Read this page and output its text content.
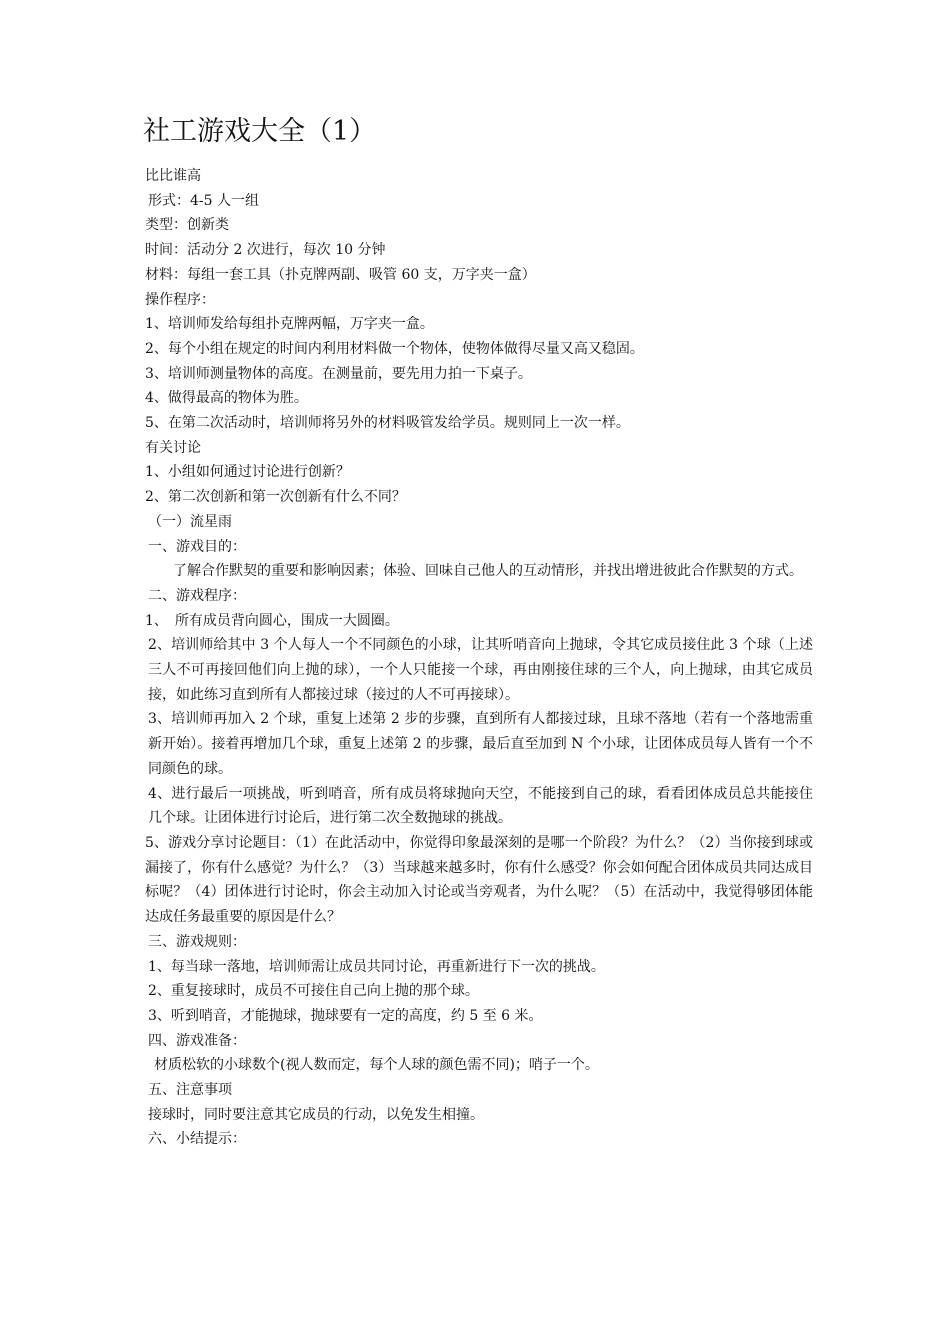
社工游戏大全（1）

比比谁高

形式：4-5 人一组

类型：创新类

时间：活动分 2 次进行，每次 10 分钟

材料：每组一套工具（扑克牌两副、吸管 60 支，万字夹一盒）

操作程序：

1、培训师发给每组扑克牌两幅，万字夹一盒。

2、每个小组在规定的时间内利用材料做一个物体，使物体做得尽量又高又稳固。

3、培训师测量物体的高度。在测量前，要先用力拍一下桌子。

4、做得最高的物体为胜。

5、在第二次活动时，培训师将另外的材料吸管发给学员。规则同上一次一样。

有关讨论

1、小组如何通过讨论进行创新？

2、第二次创新和第一次创新有什么不同？

（一）流星雨

一、游戏目的：

了解合作默契的重要和影响因素；体验、回味自己他人的互动情形，并找出增进彼此合作默契的方式。

二、游戏程序：

1、　所有成员背向圆心，围成一大圆圈。

2、培训师给其中 3 个人每人一个不同颜色的小球，让其听哨音向上抛球，令其它成员接住此 3 个球（上述三人不可再接回他们向上抛的球），一个人只能接一个球，再由刚接住球的三个人，向上抛球，由其它成员接，如此练习直到所有人都接过球（接过的人不可再接球）。

3、培训师再加入 2 个球，重复上述第 2 步的步骤，直到所有人都接过球，且球不落地（若有一个落地需重新开始）。接着再增加几个球，重复上述第 2 的步骤，最后直至加到 N 个小球，让团体成员每人皆有一个不同颜色的球。

4、进行最后一项挑战，听到哨音，所有成员将球抛向天空，不能接到自己的球，看看团体成员总共能接住几个球。让团体进行讨论后，进行第二次全数抛球的挑战。

5、游戏分享讨论题目：（1）在此活动中，你觉得印象最深刻的是哪一个阶段？为什么？（2）当你接到球或漏接了，你有什么感觉？为什么？（3）当球越来越多时，你有什么感受？你会如何配合团体成员共同达成目标呢？（4）团体进行讨论时，你会主动加入讨论或当旁观者，为什么呢？（5）在活动中，我觉得够团体能达成任务最重要的原因是什么？

三、游戏规则：

1、每当球一落地，培训师需让成员共同讨论，再重新进行下一次的挑战。

2、重复接球时，成员不可接住自己向上抛的那个球。

3、听到哨音，才能抛球，抛球要有一定的高度，约 5 至 6 米。

四、游戏准备：

材质松软的小球数个(视人数而定，每个人球的颜色需不同)；哨子一个。

五、注意事项

接球时，同时要注意其它成员的行动，以免发生相撞。

六、小结提示：
